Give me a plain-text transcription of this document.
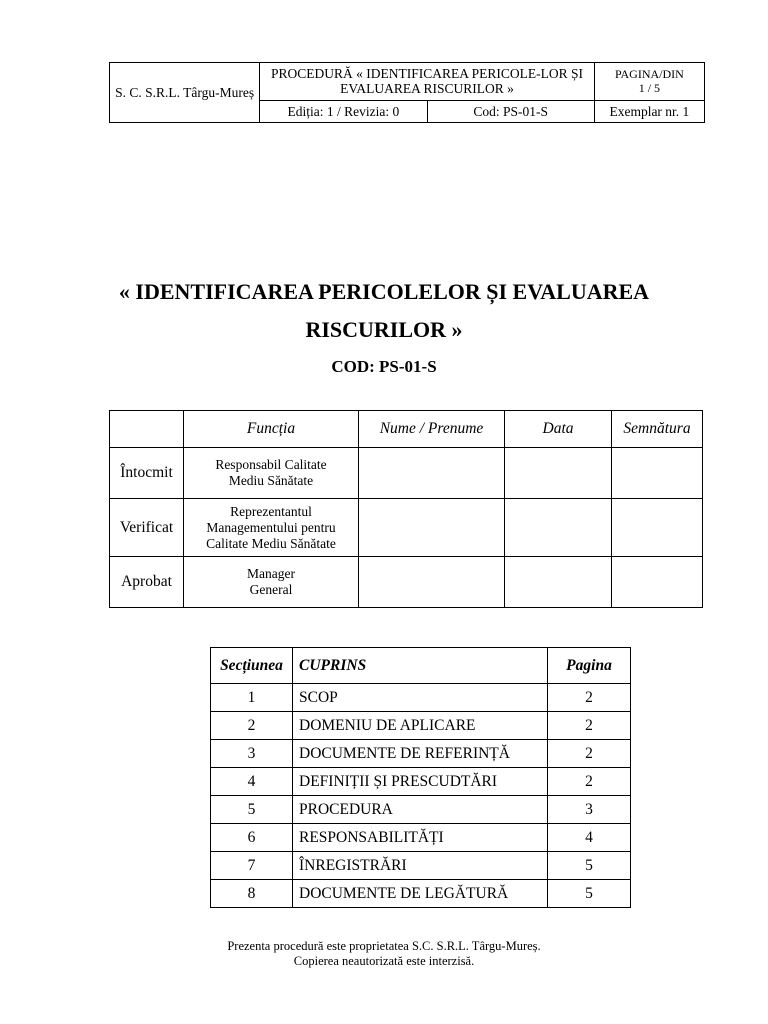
S. C. S.R.L. Târgu-Mureș	PROCEDURĂ « IDENTIFICAREA PERICOLE-LOR ȘI EVALUAREA RISCURILOR »		PAGINA/DIN
1 / 5

	Ediția: 1 / Revizia: 0	Cod: PS-01-S	Exemplar nr. 1
« IDENTIFICAREA PERICOLELOR ȘI EVALUAREA
RISCURILOR »
COD: PS-01-S
	Funcția	Nume / Prenume	Data	Semnătura
Întocmit	Responsabil Calitate Mediu Sănătate			
Verificat	Reprezentantul Managementului pentru Calitate Mediu Sănătate			
Aprobat	Manager General			
Secțiunea	CUPRINS	Pagina
1	SCOP	2
2	DOMENIU DE APLICARE	2
3	DOCUMENTE DE REFERINȚĂ	2
4	DEFINIȚII ȘI PRESCUDTĂRI	2
5	PROCEDURA	3
6	RESPONSABILITĂȚI	4
7	ÎNREGISTRĂRI	5
8	DOCUMENTE DE LEGĂTURĂ	5
Prezenta procedură este proprietatea S.C. S.R.L. Târgu-Mureș.
Copierea neautorizată este interzisă.
